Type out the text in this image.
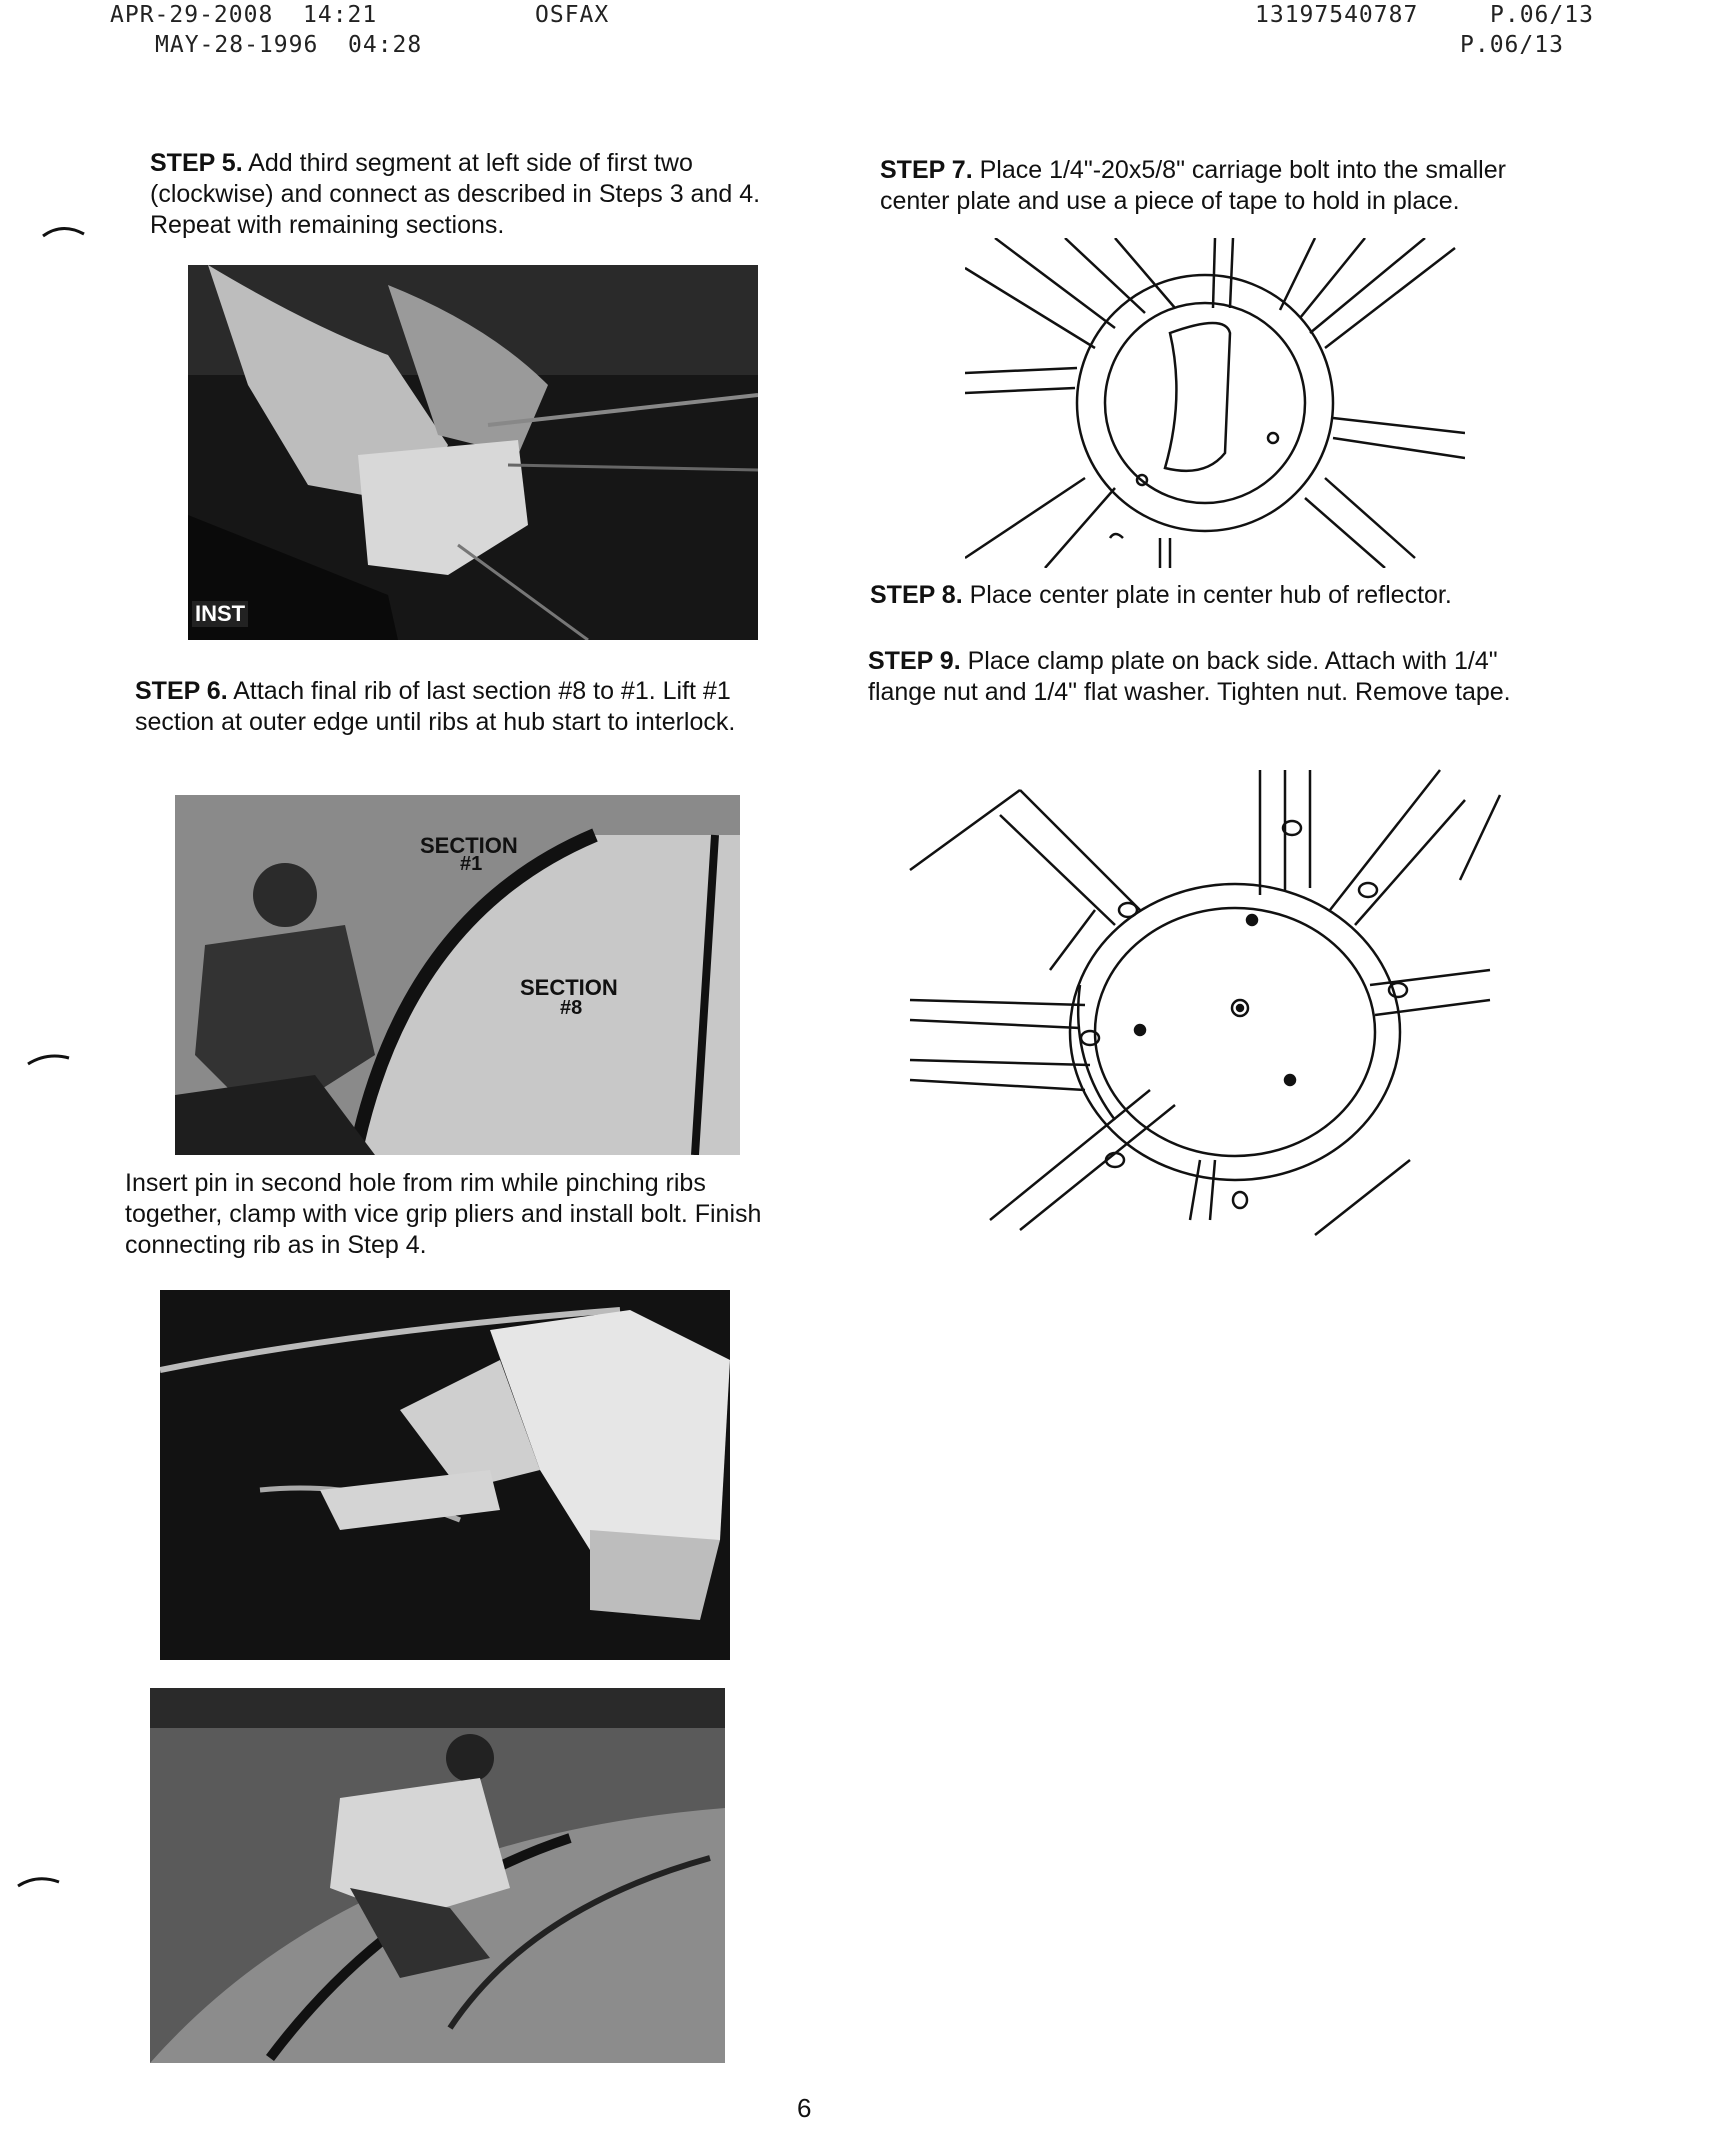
APR-29-2008  14:21	OSFAX	13197540787	P.06/13
MAY-28-1996  04:28	P.06/13
STEP 5. Add third segment at left side of first two (clockwise) and connect as described in Steps 3 and 4. Repeat with remaining sections.
INST
STEP 6. Attach final rib of last section #8 to #1. Lift #1 section at outer edge until ribs at hub start to interlock.
SECTION
#1
SECTION
#8
Insert pin in second hole from rim while pinching ribs together, clamp with vice grip pliers and install bolt. Finish connecting rib as in Step 4.
STEP 7. Place 1/4"-20x5/8" carriage bolt into the smaller center plate and use a piece of tape to hold in place.
STEP 8. Place center plate in center hub of reflector.
STEP 9. Place clamp plate on back side. Attach with 1/4" flange nut and 1/4" flat washer. Tighten nut. Remove tape.
6
